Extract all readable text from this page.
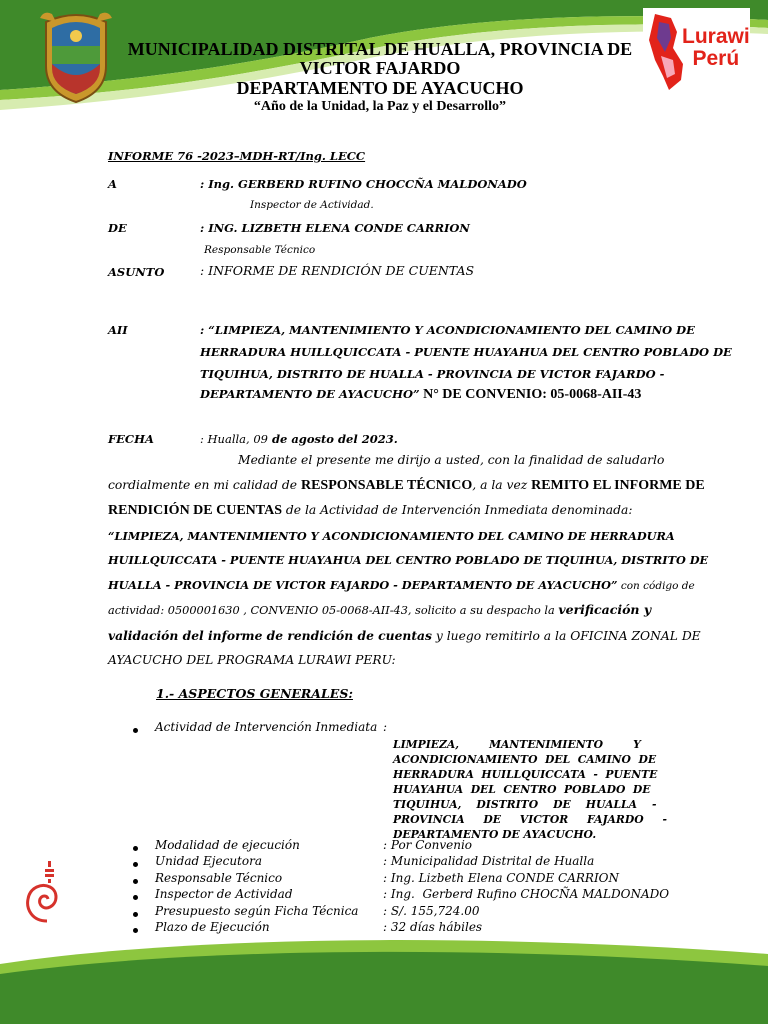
Lurawi
Perú
MUNICIPALIDAD DISTRITAL DE HUALLA, PROVINCIA DE VICTOR FAJARDO
DEPARTAMENTO DE AYACUCHO
“Año de la Unidad, la Paz y el Desarrollo”
INFORME 76 -2023–MDH-RT/Ing. LECC
A	: Ing. GERBERD RUFINO CHOCCÑA MALDONADO
Inspector de Actividad.
DE	: ING. LIZBETH ELENA CONDE CARRION
Responsable Técnico
ASUNTO	: INFORME DE RENDICIÓN DE CUENTAS
AII	: “LIMPIEZA, MANTENIMIENTO Y ACONDICIONAMIENTO DEL CAMINO DE
HERRADURA HUILLQUICCATA - PUENTE HUAYAHUA DEL CENTRO POBLADO DE
TIQUIHUA, DISTRITO DE HUALLA - PROVINCIA DE VICTOR FAJARDO -
DEPARTAMENTO DE AYACUCHO” N° DE CONVENIO: 05-0068-AII-43
FECHA	: Hualla, 09 de agosto del 2023.
Mediante el presente me dirijo a usted, con la finalidad de saludarlo
cordialmente en mi calidad de RESPONSABLE TÉCNICO, a la vez REMITO EL INFORME DE
RENDICIÓN DE CUENTAS de la Actividad de Intervención Inmediata denominada:
“LIMPIEZA, MANTENIMIENTO Y ACONDICIONAMIENTO DEL CAMINO DE HERRADURA
HUILLQUICCATA - PUENTE HUAYAHUA DEL CENTRO POBLADO DE TIQUIHUA, DISTRITO DE
HUALLA - PROVINCIA DE VICTOR FAJARDO - DEPARTAMENTO DE AYACUCHO” con código de
actividad: 0500001630 , CONVENIO 05-0068-AII-43, solicito a su despacho la verificación y
validación del informe de rendición de cuentas y luego remitirlo a la OFICINA ZONAL DE
AYACUCHO DEL PROGRAMA LURAWI PERU:
1.- ASPECTOS GENERALES:
Actividad de Intervención Inmediata :
LIMPIEZA,        MANTENIMIENTO        Y
ACONDICIONAMIENTO  DEL  CAMINO  DE
HERRADURA  HUILLQUICCATA  -  PUENTE
HUAYAHUA  DEL  CENTRO  POBLADO  DE
TIQUIHUA,    DISTRITO    DE    HUALLA    -
PROVINCIA     DE     VICTOR     FAJARDO     -
DEPARTAMENTO DE AYACUCHO.
Modalidad de ejecución	: Por Convenio
Unidad Ejecutora	: Municipalidad Distrital de Hualla
Responsable Técnico	: Ing. Lizbeth Elena CONDE CARRION
Inspector de Actividad	: Ing.  Gerberd Rufino CHOCÑA MALDONADO
Presupuesto según Ficha Técnica : S/. 155,724.00
Plazo de Ejecución	: 32 días hábiles
